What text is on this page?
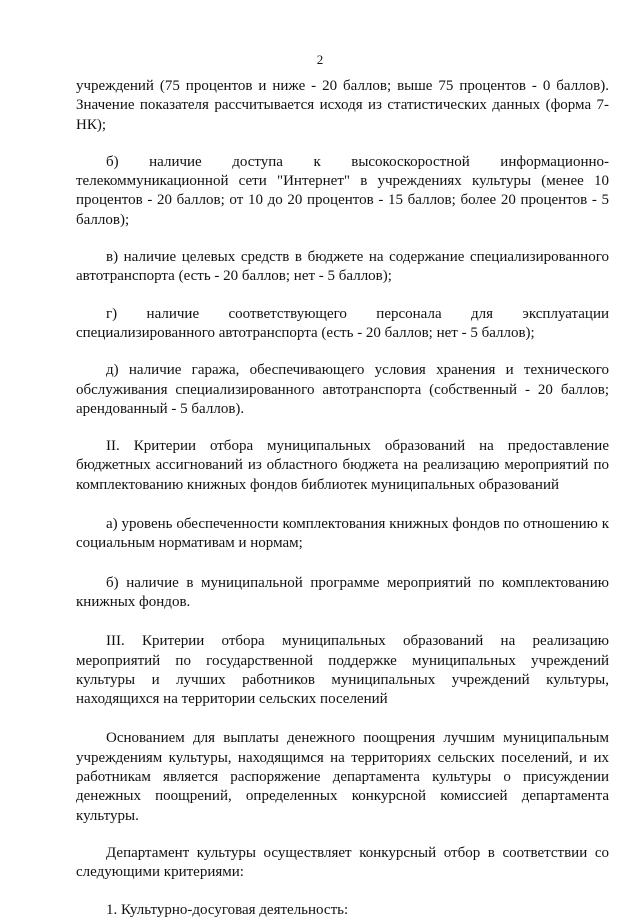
2

учреждений (75 процентов и ниже - 20 баллов; выше 75 процентов - 0 баллов). Значение показателя рассчитывается исходя из статистических данных (форма 7-НК);

б) наличие доступа к высокоскоростной информационно-телекоммуникационной сети "Интернет" в учреждениях культуры (менее 10 процентов - 20 баллов; от 10 до 20 процентов - 15 баллов; более 20 процентов - 5 баллов);

в) наличие целевых средств в бюджете на содержание специализированного автотранспорта (есть - 20 баллов; нет - 5 баллов);

г) наличие соответствующего персонала для эксплуатации специализированного автотранспорта (есть - 20 баллов; нет - 5 баллов);

д) наличие гаража, обеспечивающего условия хранения и технического обслуживания специализированного автотранспорта (собственный - 20 баллов; арендованный - 5 баллов).

II. Критерии отбора муниципальных образований на предоставление бюджетных ассигнований из областного бюджета на реализацию мероприятий по комплектованию книжных фондов библиотек муниципальных образований

а) уровень обеспеченности комплектования книжных фондов по отношению к социальным нормативам и нормам;

б) наличие в муниципальной программе мероприятий по комплектованию книжных фондов.

III. Критерии отбора муниципальных образований на реализацию мероприятий по государственной поддержке муниципальных учреждений культуры и лучших работников муниципальных учреждений культуры, находящихся на территории сельских поселений

Основанием для выплаты денежного поощрения лучшим муниципальным учреждениям культуры, находящимся на территориях сельских поселений, и их работникам является распоряжение департамента культуры о присуждении денежных поощрений, определенных конкурсной комиссией департамента культуры.

Департамент культуры осуществляет конкурсный отбор в соответствии со следующими критериями:

1. Культурно-досуговая деятельность:
